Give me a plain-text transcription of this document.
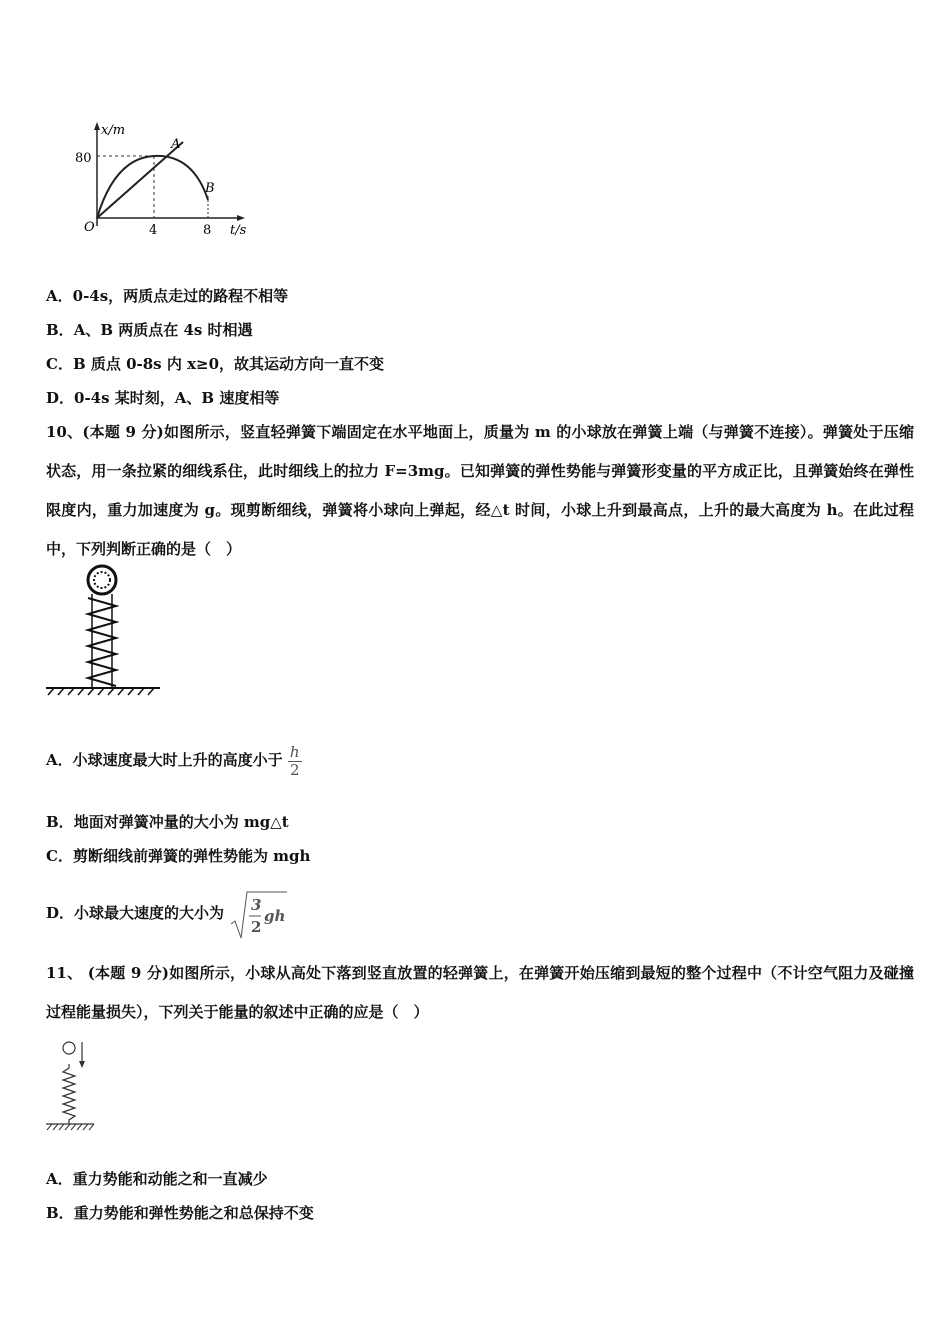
x/m
80
A
B
O	4	8 t/s
A．0-4s，两质点走过的路程不相等
B．A、B 两质点在 4s 时相遇
C．B 质点 0-8s 内 x≥0，故其运动方向一直不变
D．0-4s 某时刻，A、B 速度相等
10、(本题 9 分)如图所示，竖直轻弹簧下端固定在水平地面上，质量为 m 的小球放在弹簧上端（与弹簧不连接）。弹簧处于压缩状态，用一条拉紧的细线系住，此时细线上的拉力 F=3mg。已知弹簧的弹性势能与弹簧形变量的平方成正比，且弹簧始终在弹性限度内，重力加速度为 g。现剪断细线，弹簧将小球向上弹起，经△t 时间，小球上升到最高点，上升的最大高度为 h。在此过程中，下列判断正确的是（　）
A．小球速度最大时上升的高度小于 $\frac{h}{2}$
B．地面对弹簧冲量的大小为 mg△t
C．剪断细线前弹簧的弹性势能为 mgh
D．小球最大速度的大小为 3
2
gh
11、 (本题 9 分)如图所示，小球从高处下落到竖直放置的轻弹簧上，在弹簧开始压缩到最短的整个过程中（不计空气阻力及碰撞过程能量损失），下列关于能量的叙述中正确的应是（　）
A．重力势能和动能之和一直减少
B．重力势能和弹性势能之和总保持不变
